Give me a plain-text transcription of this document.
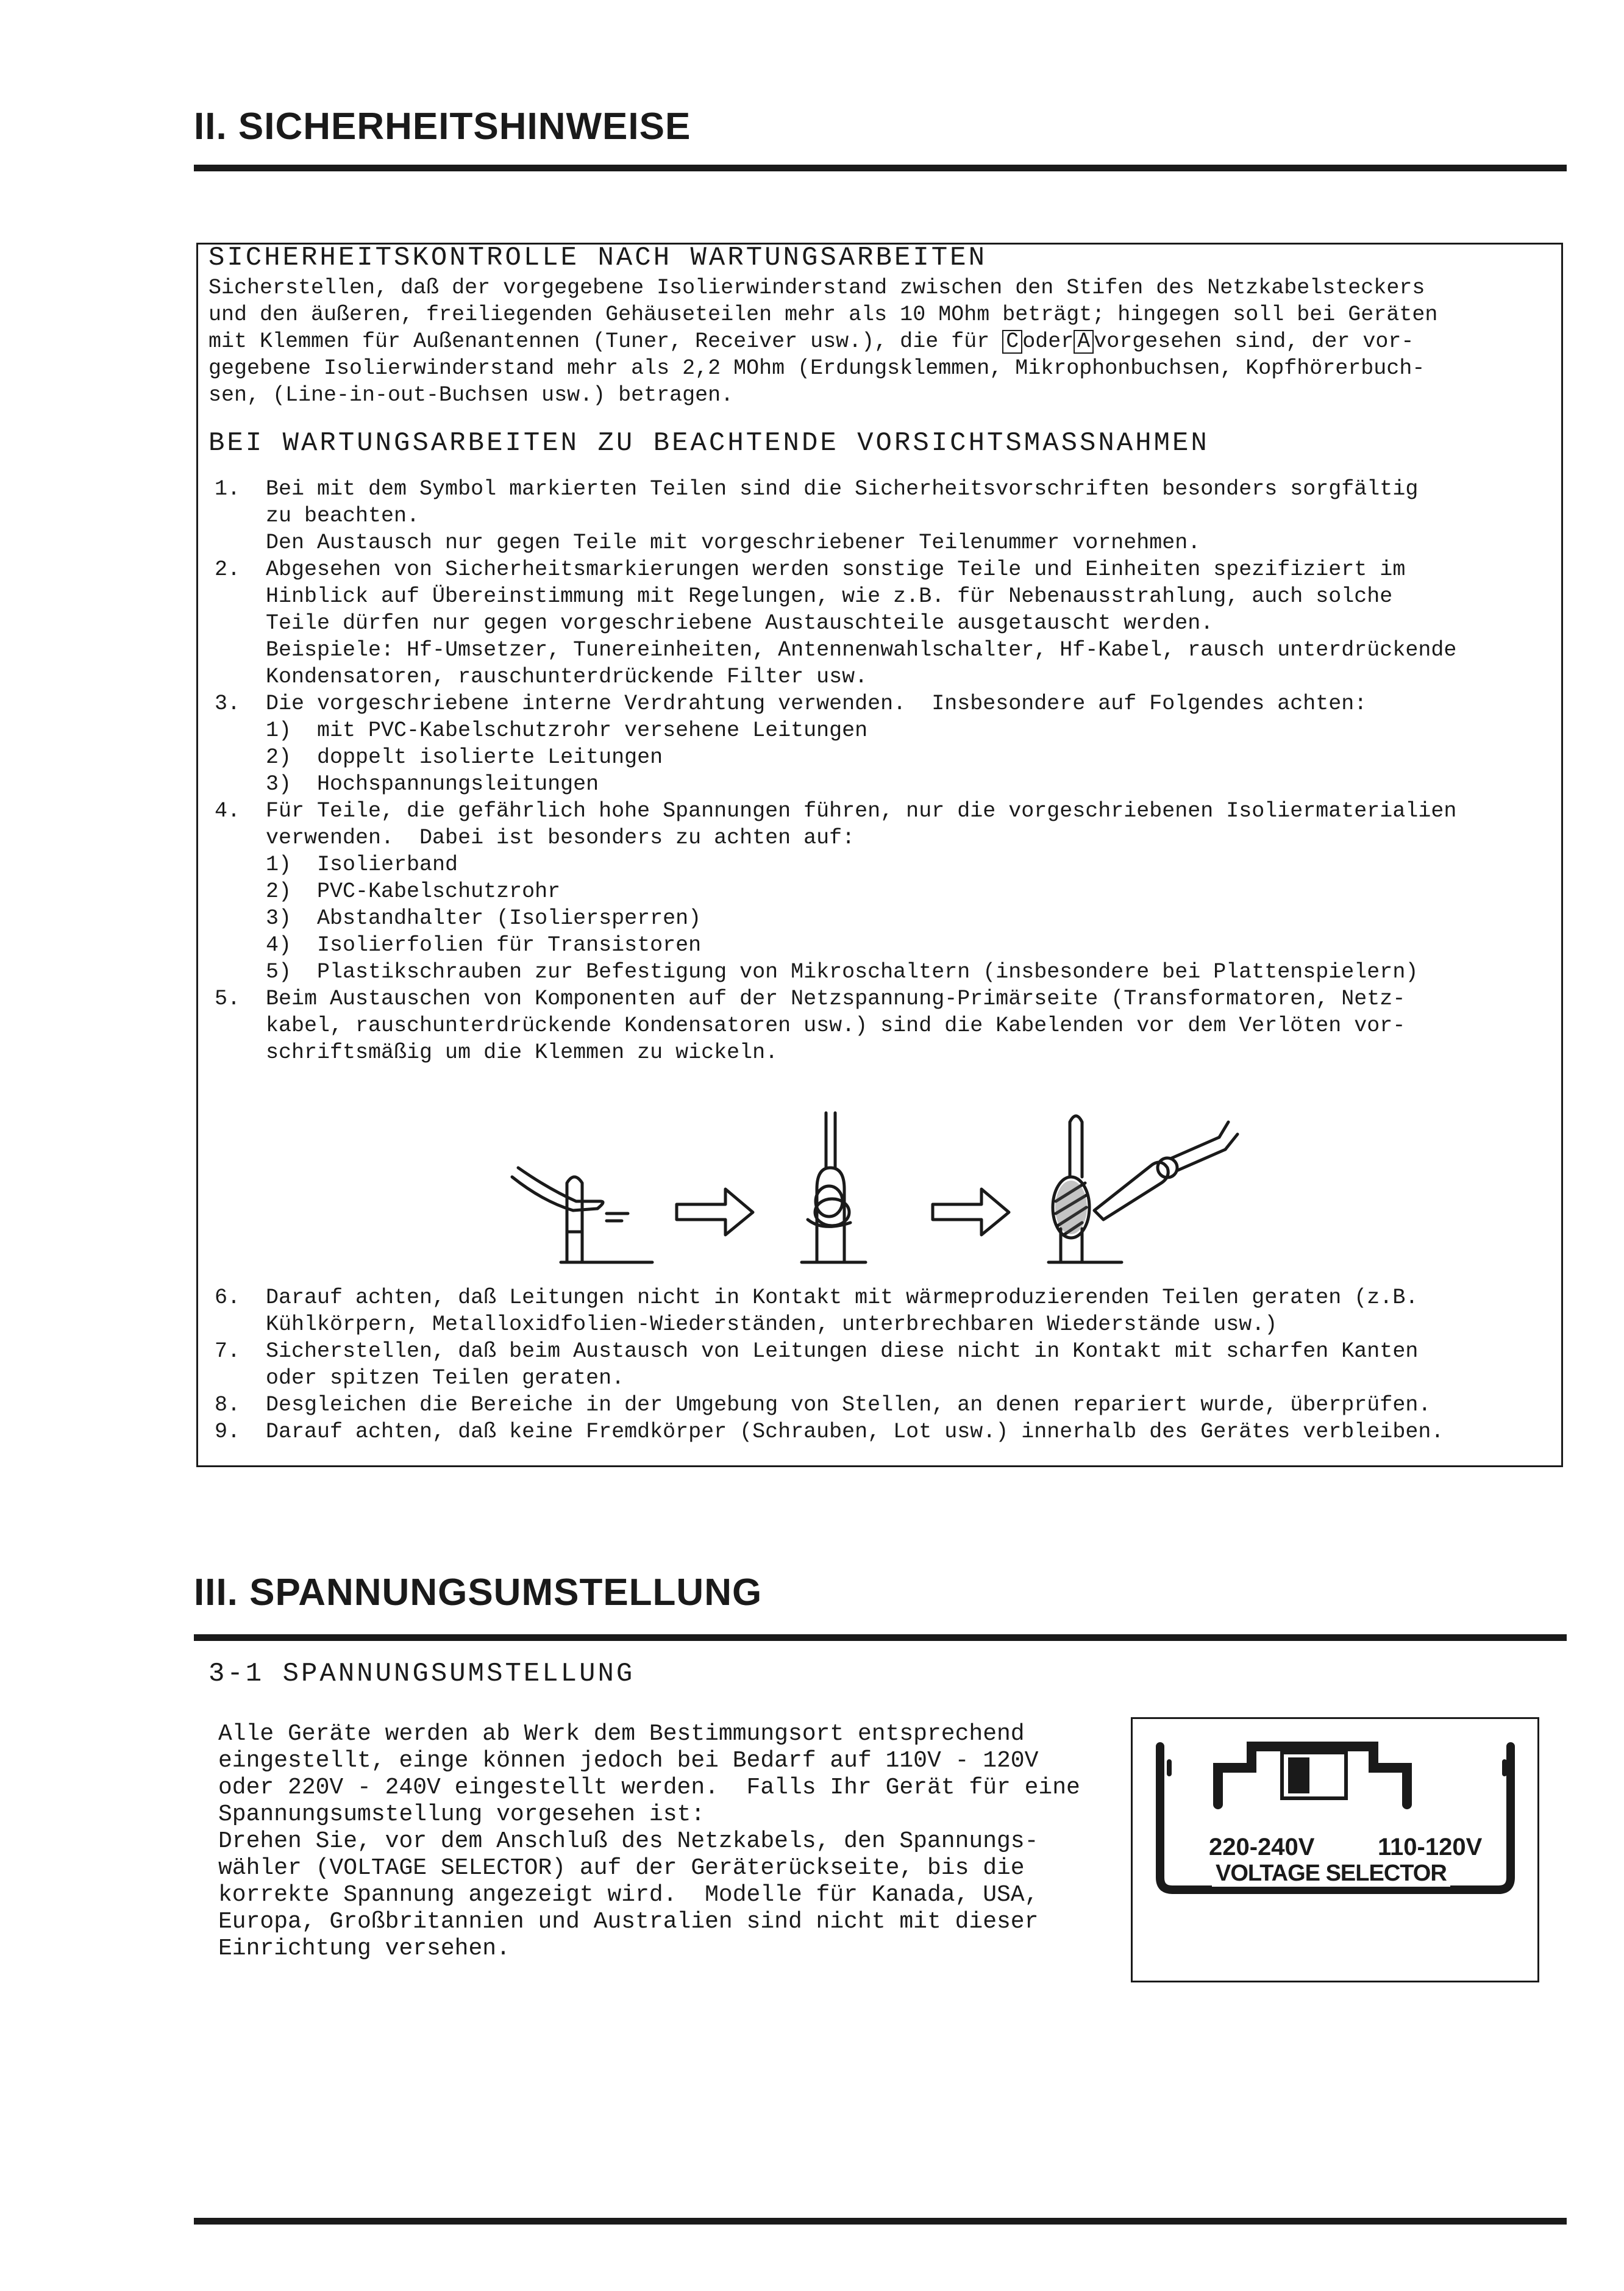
II. SICHERHEITSHINWEISE
SICHERHEITSKONTROLLE NACH WARTUNGSARBEITEN
Sicherstellen, daß der vorgegebene Isolierwinderstand zwischen den Stifen des Netzkabelsteckers
und den äußeren, freiliegenden Gehäuseteilen mehr als 10 MOhm beträgt; hingegen soll bei Geräten
mit Klemmen für Außenantennen (Tuner, Receiver usw.), die für C oder A vorgesehen sind, der vor-
gegebene Isolierwinderstand mehr als 2,2 MOhm (Erdungsklemmen, Mikrophonbuchsen, Kopfhörerbuch-
sen, (Line-in-out-Buchsen usw.) betragen.
BEI WARTUNGSARBEITEN ZU BEACHTENDE VORSICHTSMASSNAHMEN
1.  Bei mit dem Symbol markierten Teilen sind die Sicherheitsvorschriften besonders sorgfältig
zu beachten.
Den Austausch nur gegen Teile mit vorgeschriebener Teilenummer vornehmen.
2.  Abgesehen von Sicherheitsmarkierungen werden sonstige Teile und Einheiten spezifiziert im
Hinblick auf Übereinstimmung mit Regelungen, wie z.B. für Nebenausstrahlung, auch solche
Teile dürfen nur gegen vorgeschriebene Austauschteile ausgetauscht werden.
Beispiele: Hf-Umsetzer, Tunereinheiten, Antennenwahlschalter, Hf-Kabel, rausch unterdrückende
Kondensatoren, rauschunterdrückende Filter usw.
3.  Die vorgeschriebene interne Verdrahtung verwenden.  Insbesondere auf Folgendes achten:
1)  mit PVC-Kabelschutzrohr versehene Leitungen
2)  doppelt isolierte Leitungen
3)  Hochspannungsleitungen
4.  Für Teile, die gefährlich hohe Spannungen führen, nur die vorgeschriebenen Isoliermaterialien
verwenden.  Dabei ist besonders zu achten auf:
1)  Isolierband
2)  PVC-Kabelschutzrohr
3)  Abstandhalter (Isoliersperren)
4)  Isolierfolien für Transistoren
5)  Plastikschrauben zur Befestigung von Mikroschaltern (insbesondere bei Plattenspielern)
5.  Beim Austauschen von Komponenten auf der Netzspannung-Primärseite (Transformatoren, Netz-
kabel, rauschunterdrückende Kondensatoren usw.) sind die Kabelenden vor dem Verlöten vor-
schriftsmäßig um die Klemmen zu wickeln.
6.  Darauf achten, daß Leitungen nicht in Kontakt mit wärmeproduzierenden Teilen geraten (z.B.
Kühlkörpern, Metalloxidfolien-Wiederständen, unterbrechbaren Wiederstände usw.)
7.  Sicherstellen, daß beim Austausch von Leitungen diese nicht in Kontakt mit scharfen Kanten
oder spitzen Teilen geraten.
8.  Desgleichen die Bereiche in der Umgebung von Stellen, an denen repariert wurde, überprüfen.
9.  Darauf achten, daß keine Fremdkörper (Schrauben, Lot usw.) innerhalb des Gerätes verbleiben.
III. SPANNUNGSUMSTELLUNG
3-1 SPANNUNGSUMSTELLUNG
Alle Geräte werden ab Werk dem Bestimmungsort entsprechend
eingestellt, einge können jedoch bei Bedarf auf 110V - 120V
oder 220V - 240V eingestellt werden.  Falls Ihr Gerät für eine
Spannungsumstellung vorgesehen ist:
Drehen Sie, vor dem Anschluß des Netzkabels, den Spannungs-
wähler (VOLTAGE SELECTOR) auf der Geräterückseite, bis die
korrekte Spannung angezeigt wird.  Modelle für Kanada, USA,
Europa, Großbritannien und Australien sind nicht mit dieser
Einrichtung versehen.
220-240V	110-120V
VOLTAGE SELECTOR
